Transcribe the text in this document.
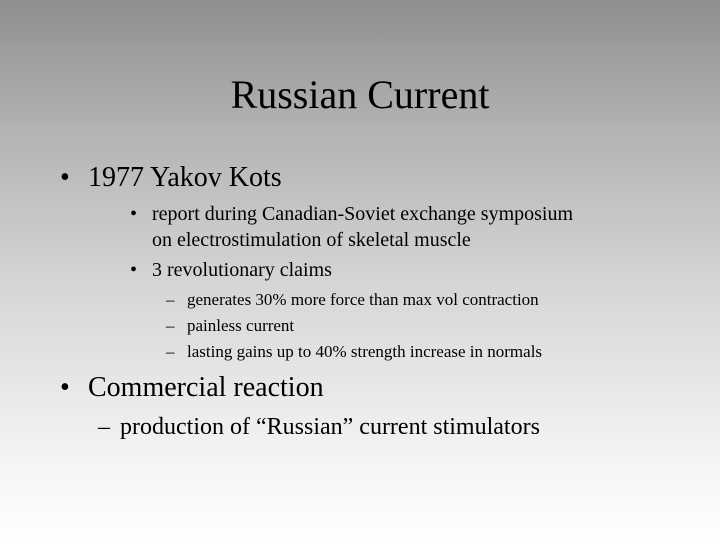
Russian Current
• 1977 Yakov Kots
• report during Canadian-Soviet exchange symposium
on electrostimulation of skeletal muscle
• 3 revolutionary claims
– generates 30% more force than max vol contraction
– painless current
– lasting gains up to 40% strength increase in normals
• Commercial reaction
– production of “Russian” current stimulators
